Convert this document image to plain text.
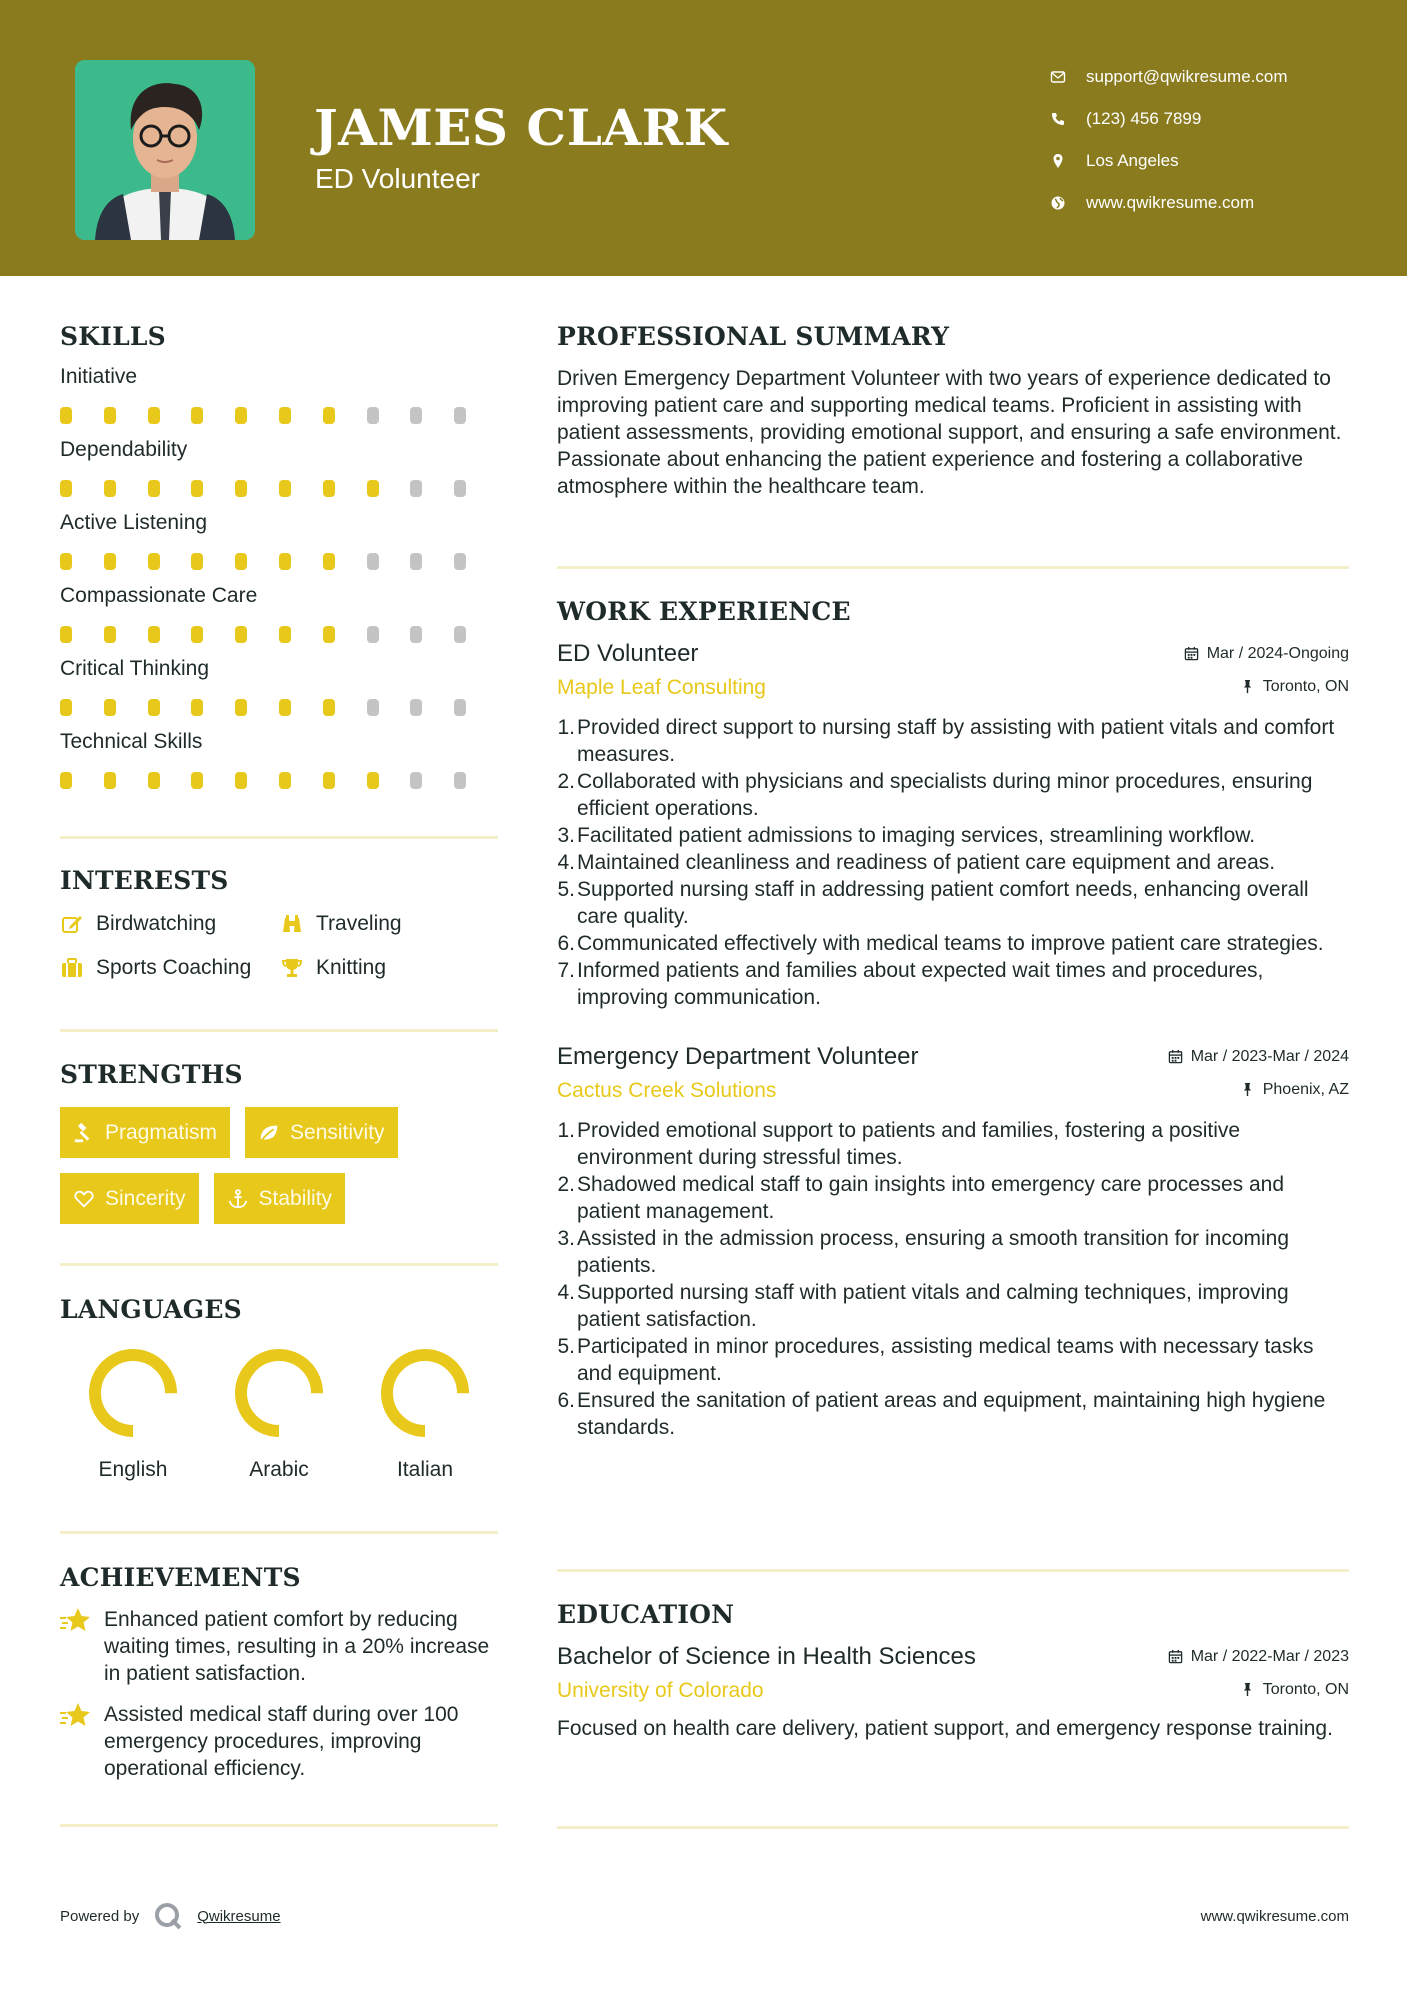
JAMES CLARK
ED Volunteer
support@qwikresume.com
(123) 456 7899
Los Angeles
www.qwikresume.com
SKILLS
Initiative
Dependability
Active Listening
Compassionate Care
Critical Thinking
Technical Skills
INTERESTS
Birdwatching	Traveling
Sports Coaching	Knitting
STRENGTHS
Pragmatism	Sensitivity
Sincerity	Stability
LANGUAGES
English	Arabic	Italian
ACHIEVEMENTS

Enhanced patient comfort by reducing waiting times, resulting in a 20% increase in patient satisfaction.

Assisted medical staff during over 100 emergency procedures, improving operational efficiency.

PROFESSIONAL SUMMARY

Driven Emergency Department Volunteer with two years of experience dedicated to improving patient care and supporting medical teams. Proficient in assisting with patient assessments, providing emotional support, and ensuring a safe environment. Passionate about enhancing the patient experience and fostering a collaborative atmosphere within the healthcare team.

WORK EXPERIENCE
ED Volunteer	Mar / 2024-Ongoing
Maple Leaf Consulting	Toronto, ON
1. Provided direct support to nursing staff by assisting with patient vitals and comfort measures.
2. Collaborated with physicians and specialists during minor procedures, ensuring efficient operations.
3. Facilitated patient admissions to imaging services, streamlining workflow.
4. Maintained cleanliness and readiness of patient care equipment and areas.
5. Supported nursing staff in addressing patient comfort needs, enhancing overall care quality.
6. Communicated effectively with medical teams to improve patient care strategies.
7. Informed patients and families about expected wait times and procedures, improving communication.
Emergency Department Volunteer	Mar / 2023-Mar / 2024
Cactus Creek Solutions	Phoenix, AZ
1. Provided emotional support to patients and families, fostering a positive environment during stressful times.
2. Shadowed medical staff to gain insights into emergency care processes and patient management.
3. Assisted in the admission process, ensuring a smooth transition for incoming patients.
4. Supported nursing staff with patient vitals and calming techniques, improving patient satisfaction.
5. Participated in minor procedures, assisting medical teams with necessary tasks and equipment.
6. Ensured the sanitation of patient areas and equipment, maintaining high hygiene standards.
EDUCATION
Bachelor of Science in Health Sciences	Mar / 2022-Mar / 2023
University of Colorado	Toronto, ON

Focused on health care delivery, patient support, and emergency response training.

Powered by	Qwikresume	www.qwikresume.com
